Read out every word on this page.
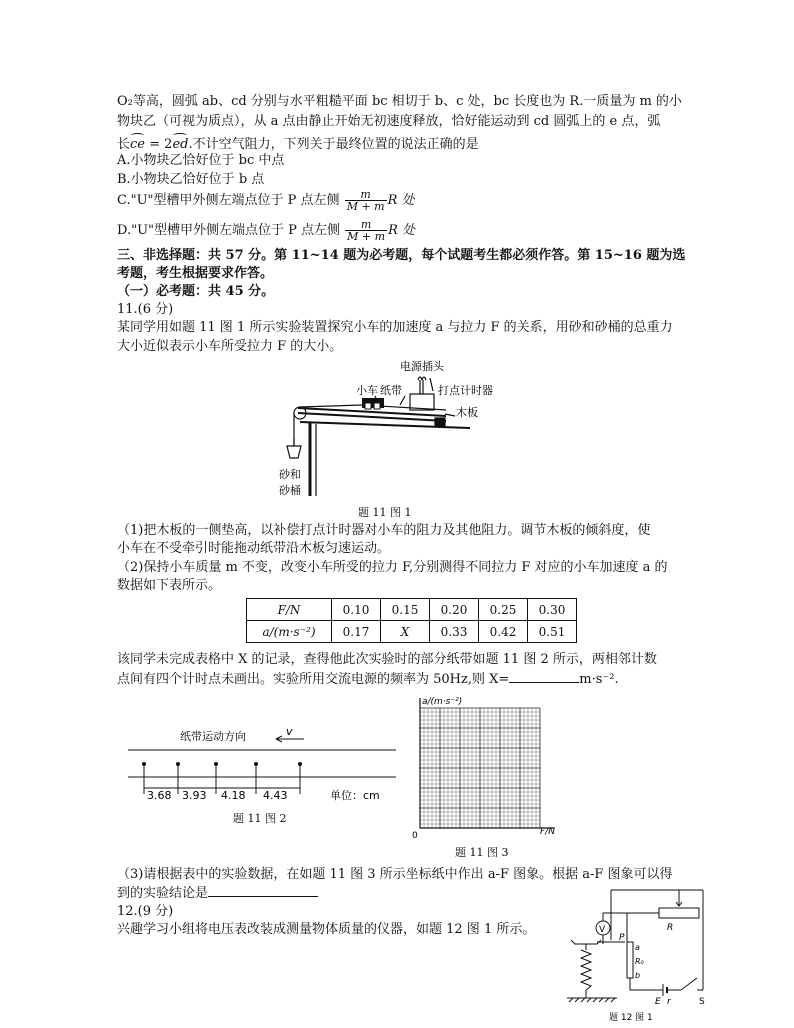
O₂等高，圆弧 ab、cd 分别与水平粗糙平面 bc 相切于 b、c 处，bc 长度也为 R.一质量为 m 的小
物块乙（可视为质点），从 a 点由静止开始无初速度释放，恰好能运动到 cd 圆弧上的 e 点，弧
长
ce = 2
ed.不计空气阻力，下列关于最终位置的说法正确的是
A.小物块乙恰好位于 bc 中点
B.小物块乙恰好位于 b 点
C."U"型槽甲外侧左端点位于 P 点左侧 $\frac{m}{M + m}$ R 处
D."U"型槽甲外侧左端点位于 P 点左侧 $\frac{m}{M + m}$ R 处
三、非选择题：共 57 分。第 11~14 题为必考题，每个试题考生都必须作答。第 15~16 题为选
考题，考生根据要求作答。
（一）必考题：共 45 分。
11.(6 分)
某同学用如题 11 图 1 所示实验装置探究小车的加速度 a 与拉力 F 的关系，用砂和砂桶的总重力
大小近似表示小车所受拉力 F 的大小。
电源插头
小车 纸带	打点计时器
木板
砂和
砂桶
题 11 图 1
（1)把木板的一侧垫高，以补偿打点计时器对小车的阻力及其他阻力。调节木板的倾斜度，使
小车在不受牵引时能拖动纸带沿木板匀速运动。
（2)保持小车质量 m 不变，改变小车所受的拉力 F,分别测得不同拉力 F 对应的小车加速度 a 的
数据如下表所示。
F/N	0.10	0.15	0.20	0.25	0.30
a/(m·s⁻²)	0.17	X	0.33	0.42	0.51
该同学未完成表格中 X 的记录，查得他此次实验时的部分纸带如题 11 图 2 所示，两相邻计数
点间有四个计时点未画出。实验所用交流电源的频率为 50Hz,则 X=	m·s⁻².
纸带运动方向	v
3.68 3.93 4.18 4.43	单位：cm
题 11 图 2
a/(m·s⁻²)
0	F/N
题 11 图 3
（3)请根据表中的实验数据，在如题 11 图 3 所示坐标纸中作出 a-F 图象。根据 a-F 图象可以得
到的实验结论是
12.(9 分)
兴趣学习小组将电压表改装成测量物体质量的仪器，如题 12 图 1 所示。	V	R
P
a
R₀
b
E r	S
题 12 图 1
